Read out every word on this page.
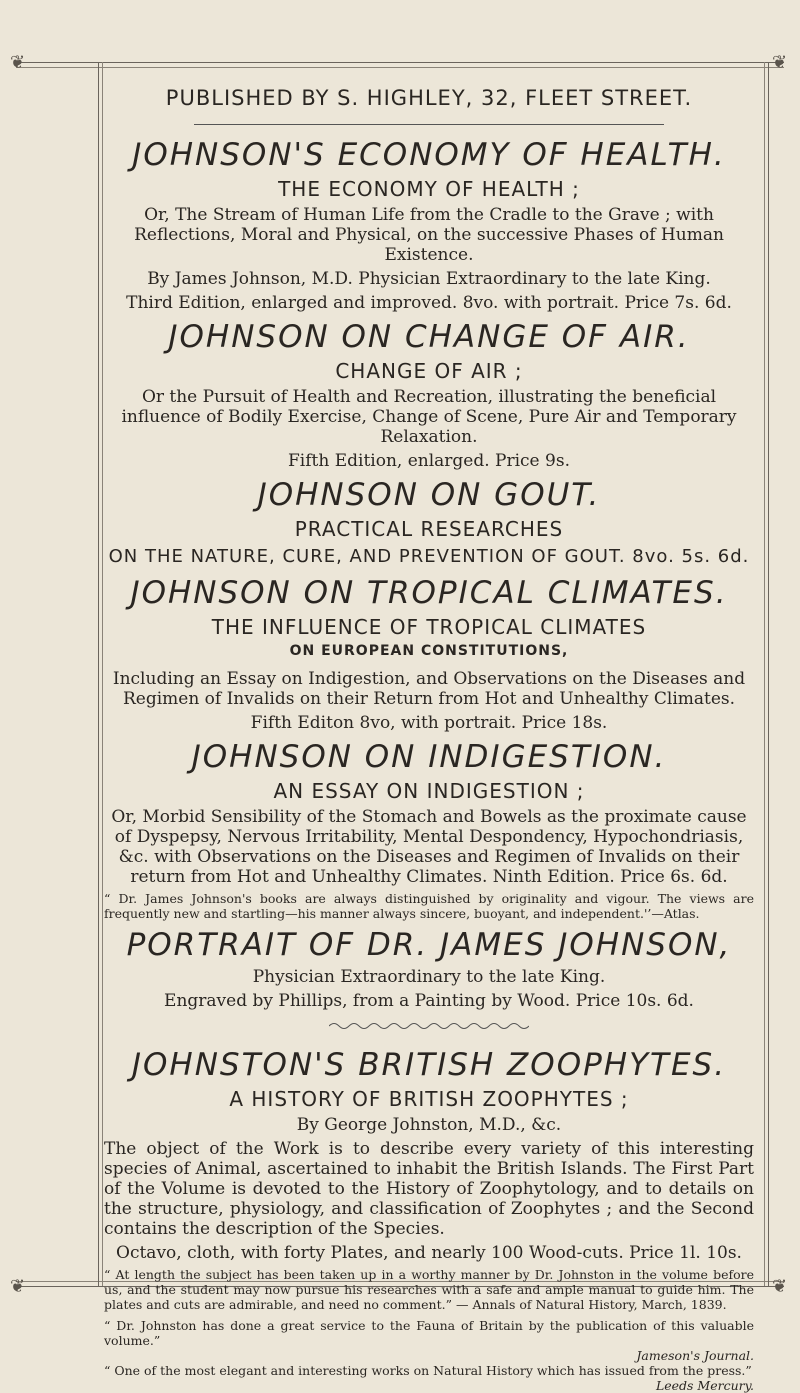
❦	❦
❦	❦
PUBLISHED BY S. HIGHLEY, 32, FLEET STREET.
JOHNSON'S ECONOMY OF HEALTH.
THE ECONOMY OF HEALTH ;
Or, The Stream of Human Life from the Cradle to the Grave ; with Reflections, Moral and Physical, on the successive Phases of Human Existence.
By James Johnson, M.D. Physician Extraordinary to the late King.
Third Edition, enlarged and improved. 8vo. with portrait. Price 7s. 6d.
JOHNSON ON CHANGE OF AIR.
CHANGE OF AIR ;
Or the Pursuit of Health and Recreation, illustrating the beneficial influence of Bodily Exercise, Change of Scene, Pure Air and Temporary Relaxation.
Fifth Edition, enlarged. Price 9s.
JOHNSON ON GOUT.
PRACTICAL RESEARCHES
ON THE NATURE, CURE, AND PREVENTION OF GOUT. 8vo. 5s. 6d.
JOHNSON ON TROPICAL CLIMATES.
THE INFLUENCE OF TROPICAL CLIMATES
ON EUROPEAN CONSTITUTIONS,
Including an Essay on Indigestion, and Observations on the Diseases and Regimen of Invalids on their Return from Hot and Unhealthy Climates.
Fifth Editon 8vo, with portrait. Price 18s.
JOHNSON ON INDIGESTION.
AN ESSAY ON INDIGESTION ;
Or, Morbid Sensibility of the Stomach and Bowels as the proximate cause of Dyspepsy, Nervous Irritability, Mental Despondency, Hypochondriasis, &c. with Observations on the Diseases and Regimen of Invalids on their return from Hot and Unhealthy Climates. Ninth Edition. Price 6s. 6d.
“ Dr. James Johnson's books are always distinguished by originality and vigour. The views are frequently new and startling—his manner always sincere, buoyant, and independent.'’—Atlas.
PORTRAIT OF DR. JAMES JOHNSON,
Physician Extraordinary to the late King.
Engraved by Phillips, from a Painting by Wood. Price 10s. 6d.
JOHNSTON'S BRITISH ZOOPHYTES.
A HISTORY OF BRITISH ZOOPHYTES ;
By George Johnston, M.D., &c.
The object of the Work is to describe every variety of this interesting species of Animal, ascertained to inhabit the British Islands. The First Part of the Volume is devoted to the History of Zoophytology, and to details on the structure, physiology, and classification of Zoophytes ; and the Second contains the description of the Species.
Octavo, cloth, with forty Plates, and nearly 100 Wood-cuts. Price 1l. 10s.
“ At length the subject has been taken up in a worthy manner by Dr. Johnston in the volume before us, and the student may now pursue his researches with a safe and ample manual to guide him. The plates and cuts are admirable, and need no comment.” — Annals of Natural History, March, 1839.
“ Dr. Johnston has done a great service to the Fauna of Britain by the publication of this valuable volume.”
Jameson's Journal.
“ One of the most elegant and interesting works on Natural History which has issued from the press.”
Leeds Mercury.
